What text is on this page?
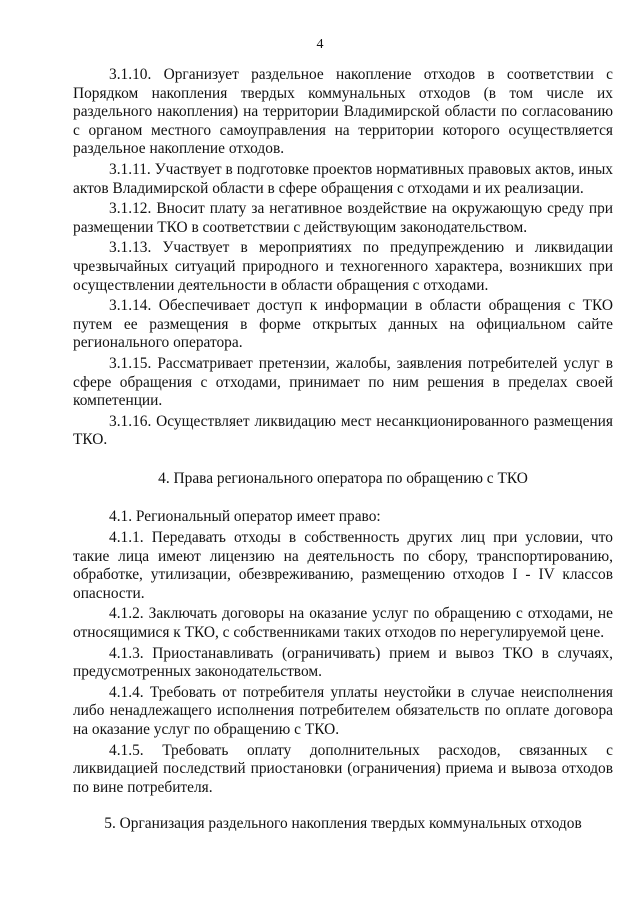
4

3.1.10. Организует раздельное накопление отходов в соответствии с Порядком накопления твердых коммунальных отходов (в том числе их раздельного накопления) на территории Владимирской области по согласованию с органом местного самоуправления на территории которого осуществляется раздельное накопление отходов.

3.1.11. Участвует в подготовке проектов нормативных правовых актов, иных актов Владимирской области в сфере обращения с отходами и их реализации.

3.1.12. Вносит плату за негативное воздействие на окружающую среду при размещении ТКО в соответствии с действующим законодательством.

3.1.13. Участвует в мероприятиях по предупреждению и ликвидации чрезвычайных ситуаций природного и техногенного характера, возникших при осуществлении деятельности в области обращения с отходами.

3.1.14. Обеспечивает доступ к информации в области обращения с ТКО путем ее размещения в форме открытых данных на официальном сайте регионального оператора.

3.1.15. Рассматривает претензии, жалобы, заявления потребителей услуг в сфере обращения с отходами, принимает по ним решения в пределах своей компетенции.

3.1.16. Осуществляет ликвидацию мест несанкционированного размещения ТКО.

4. Права регионального оператора по обращению с ТКО

4.1. Региональный оператор имеет право:

4.1.1. Передавать отходы в собственность других лиц при условии, что такие лица имеют лицензию на деятельность по сбору, транспортированию, обработке, утилизации, обезвреживанию, размещению отходов I - IV классов опасности.

4.1.2. Заключать договоры на оказание услуг по обращению с отходами, не относящимися к ТКО, с собственниками таких отходов по нерегулируемой цене.

4.1.3. Приостанавливать (ограничивать) прием и вывоз ТКО в случаях, предусмотренных законодательством.

4.1.4. Требовать от потребителя уплаты неустойки в случае неисполнения либо ненадлежащего исполнения потребителем обязательств по оплате договора на оказание услуг по обращению с ТКО.

4.1.5. Требовать оплату дополнительных расходов, связанных с ликвидацией последствий приостановки (ограничения) приема и вывоза отходов по вине потребителя.

5. Организация раздельного накопления твердых коммунальных отходов
